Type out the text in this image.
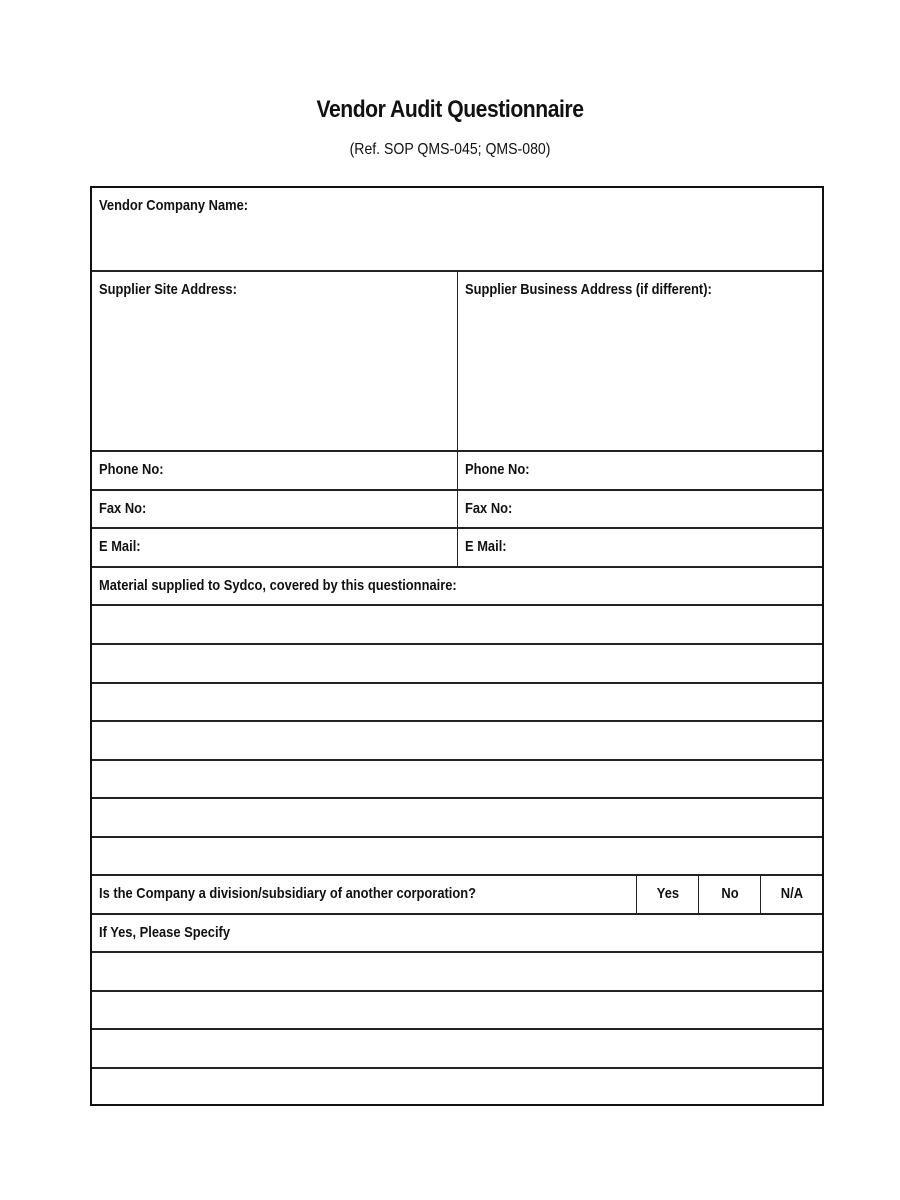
Vendor Audit Questionnaire
(Ref. SOP QMS-045; QMS-080)
Vendor Company Name:
Supplier Site Address:	Supplier Business Address (if different):
Phone No:	Phone No:
Fax No:	Fax No:
E Mail:	E Mail:
Material supplied to Sydco, covered by this questionnaire:
Is the Company a division/subsidiary of another corporation?	Yes	No	N/A
If Yes, Please Specify
